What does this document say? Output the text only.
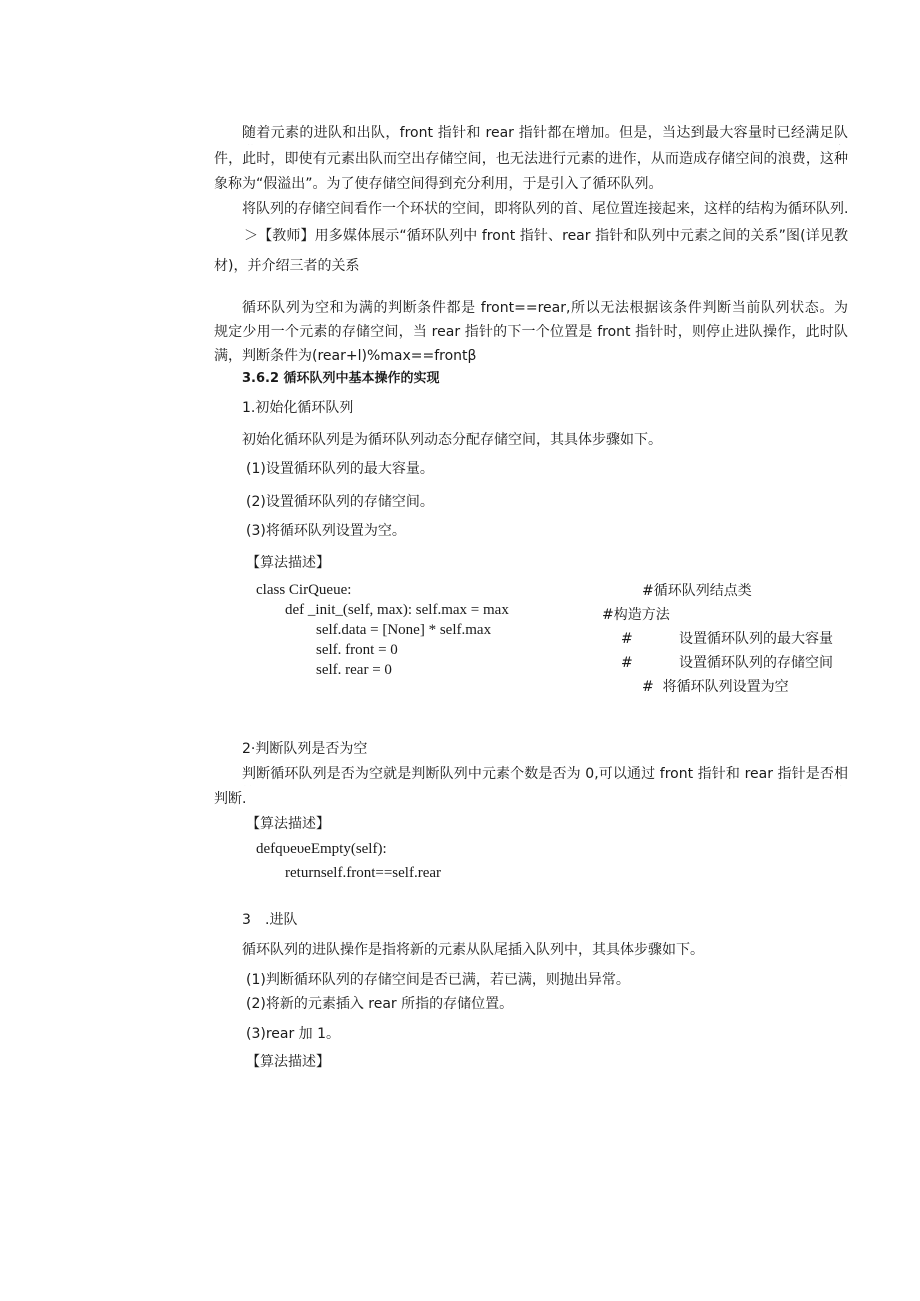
随着元素的进队和出队，front 指针和 rear 指针都在增加。但是，当达到最大容量时已经满足队
件，此时，即使有元素出队而空出存储空间，也无法进行元素的进作，从而造成存储空间的浪费，这种
象称为“假溢出”。为了使存储空间得到充分利用，于是引入了循环队列。
将队列的存储空间看作一个环状的空间，即将队列的首、尾位置连接起来，这样的结构为循环队列.
＞【教师】用多媒体展示“循环队列中 front 指针、rear 指针和队列中元素之间的关系”图(详见教
材)，并介绍三者的关系
循环队列为空和为满的判断条件都是 front==rear,所以无法根据该条件判断当前队列状态。为
规定少用一个元素的存储空间，当 rear 指针的下一个位置是 front 指针时，则停止进队操作，此时队
满，判断条件为(rear+l)%max==frontβ
3.6.2 循环队列中基本操作的实现
1.初始化循环队列
初始化循环队列是为循环队列动态分配存储空间，其具体步骤如下。
(1)设置循环队列的最大容量。
(2)设置循环队列的存储空间。
(3)将循环队列设置为空。
【算法描述】
class CirQueue:
def _init_(self, max): self.max = max
self.data = [None] * self.max
self. front = 0
self. rear = 0
#循环队列结点类
#构造方法
#	设置循环队列的最大容量
#	设置循环队列的存储空间
#  将循环队列设置为空
2·判断队列是否为空
判断循环队列是否为空就是判断队列中元素个数是否为 0,可以通过 front 指针和 rear 指针是否相
判断.
【算法描述】
defqυeυeEmpty(self):
returnself.front==self.rear
3 .进队
循环队列的进队操作是指将新的元素从队尾插入队列中，其具体步骤如下。
(1)判断循环队列的存储空间是否已满，若已满，则抛出异常。
(2)将新的元素插入 rear 所指的存储位置。
(3)rear 加 1。
【算法描述】
